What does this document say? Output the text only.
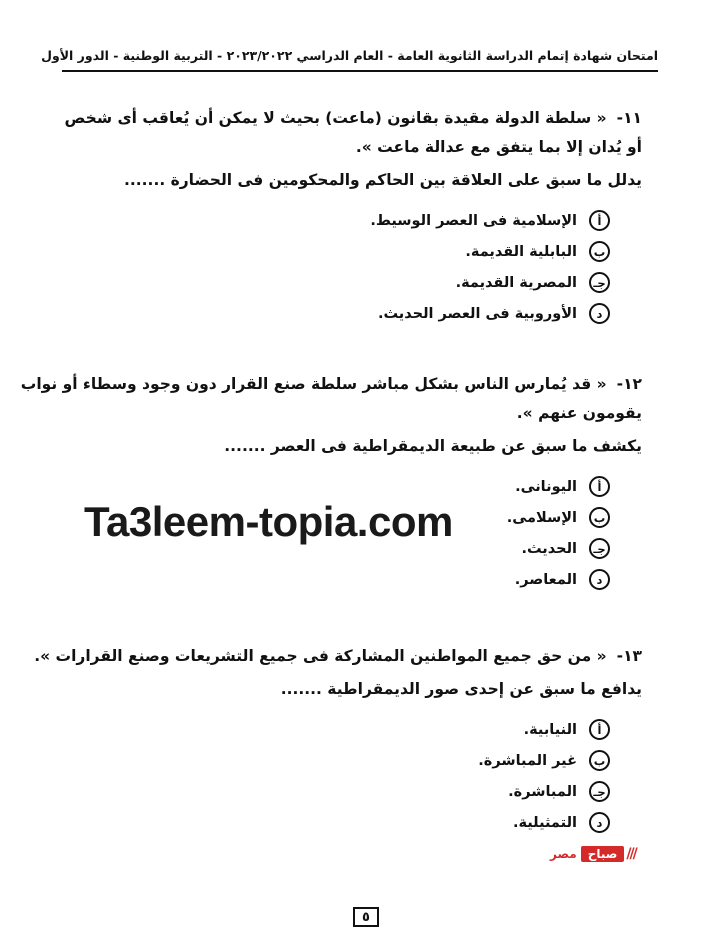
امتحان شهادة إتمام الدراسة الثانوية العامة - العام الدراسي ٢٠٢٣/٢٠٢٢ - التربية الوطنية - الدور الأول
١١-« سلطة الدولة مقيدة بقانون (ماعت) بحيث لا يمكن أن يُعاقب أى شخص
أو يُدان إلا بما يتفق مع عدالة ماعت ».
يدلل ما سبق على العلاقة بين الحاكم والمحكومين فى الحضارة .......
أ
الإسلامية فى العصر الوسيط.
ب
البابلية القديمة.
جـ
المصرية القديمة.
د
الأوروبية فى العصر الحديث.
١٢-« قد يُمارس الناس بشكل مباشر سلطة صنع القرار دون وجود وسطاء أو نواب
يقومون عنهم ».
يكشف ما سبق عن طبيعة الديمقراطية فى العصر .......
أ
اليونانى.
ب
الإسلامى.
جـ
الحديث.
د
المعاصر.
١٣-« من حق جميع المواطنين المشاركة فى جميع التشريعات وصنع القرارات ».
يدافع ما سبق عن إحدى صور الديمقراطية .......
أ
النيابية.
ب
غير المباشرة.
جـ
المباشرة.
د
التمثيلية.
Ta3leem-topia.com
///
صباح
مصر
٥
